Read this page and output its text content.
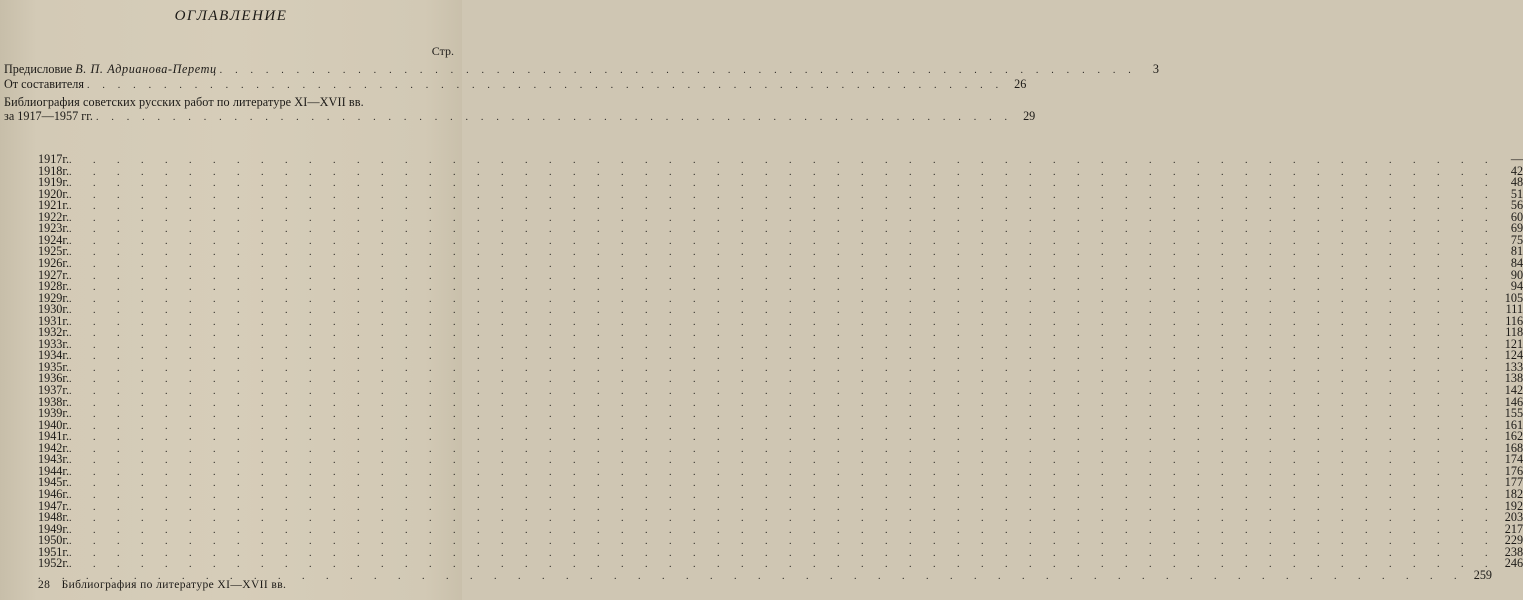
ОГЛАВЛЕНИЕ
Стр.
Предисловие В. П. Адрианова-Перетц . . . . . . . . . . . . . . . . . . . . . . . . . . . . . . . . . . . . . . . . . . . . . . . . . . . . . . . . . . . .	3
От составителя . . . . . . . . . . . . . . . . . . . . . . . . . . . . . . . . . . . . . . . . . . . . . . . . . . . . . . . . . . . . 26
Библиография советских русских работ по литературе XI—XVII вв.
за 1917—1957 гг. . . . . . . . . . . . . . . . . . . . . . . . . . . . . . . . . . . . . . . . . . . . . . . . . . . . . . . . . . . . . 29
1917 г. . . . . . . . . . . . . . . . . . . . . . . . . . . . . . . . . . . . . . . . . . . . . . . . . . . . . . . . . . . . .	—
1918 г. . . . . . . . . . . . . . . . . . . . . . . . . . . . . . . . . . . . . . . . . . . . . . . . . . . . . . . . . . . . .	42
1919 г. . . . . . . . . . . . . . . . . . . . . . . . . . . . . . . . . . . . . . . . . . . . . . . . . . . . . . . . . . . . .	48
1920 г. . . . . . . . . . . . . . . . . . . . . . . . . . . . . . . . . . . . . . . . . . . . . . . . . . . . . . . . . . . . .	51
1921 г. . . . . . . . . . . . . . . . . . . . . . . . . . . . . . . . . . . . . . . . . . . . . . . . . . . . . . . . . . . . .	56
1922 г. . . . . . . . . . . . . . . . . . . . . . . . . . . . . . . . . . . . . . . . . . . . . . . . . . . . . . . . . . . . .	60
1923 г. . . . . . . . . . . . . . . . . . . . . . . . . . . . . . . . . . . . . . . . . . . . . . . . . . . . . . . . . . . . .	69
1924 г. . . . . . . . . . . . . . . . . . . . . . . . . . . . . . . . . . . . . . . . . . . . . . . . . . . . . . . . . . . . .	75
1925 г. . . . . . . . . . . . . . . . . . . . . . . . . . . . . . . . . . . . . . . . . . . . . . . . . . . . . . . . . . . . .	81
1926 г. . . . . . . . . . . . . . . . . . . . . . . . . . . . . . . . . . . . . . . . . . . . . . . . . . . . . . . . . . . . .	84
1927 г. . . . . . . . . . . . . . . . . . . . . . . . . . . . . . . . . . . . . . . . . . . . . . . . . . . . . . . . . . . . .	90
1928 г. . . . . . . . . . . . . . . . . . . . . . . . . . . . . . . . . . . . . . . . . . . . . . . . . . . . . . . . . . . . .	94
1929 г. . . . . . . . . . . . . . . . . . . . . . . . . . . . . . . . . . . . . . . . . . . . . . . . . . . . . . . . . . . . . 105
1930 г. . . . . . . . . . . . . . . . . . . . . . . . . . . . . . . . . . . . . . . . . . . . . . . . . . . . . . . . . . . . . 111
1931 г. . . . . . . . . . . . . . . . . . . . . . . . . . . . . . . . . . . . . . . . . . . . . . . . . . . . . . . . . . . . . 116
1932 г. . . . . . . . . . . . . . . . . . . . . . . . . . . . . . . . . . . . . . . . . . . . . . . . . . . . . . . . . . . . . 118
1933 г. . . . . . . . . . . . . . . . . . . . . . . . . . . . . . . . . . . . . . . . . . . . . . . . . . . . . . . . . . . . . 121
1934 г. . . . . . . . . . . . . . . . . . . . . . . . . . . . . . . . . . . . . . . . . . . . . . . . . . . . . . . . . . . . . 124
1935 г. . . . . . . . . . . . . . . . . . . . . . . . . . . . . . . . . . . . . . . . . . . . . . . . . . . . . . . . . . . . . 133
1936 г. . . . . . . . . . . . . . . . . . . . . . . . . . . . . . . . . . . . . . . . . . . . . . . . . . . . . . . . . . . . . 138
1937 г. . . . . . . . . . . . . . . . . . . . . . . . . . . . . . . . . . . . . . . . . . . . . . . . . . . . . . . . . . . . . 142
1938 г. . . . . . . . . . . . . . . . . . . . . . . . . . . . . . . . . . . . . . . . . . . . . . . . . . . . . . . . . . . . . 146
1939 г. . . . . . . . . . . . . . . . . . . . . . . . . . . . . . . . . . . . . . . . . . . . . . . . . . . . . . . . . . . . . 155
1940 г. . . . . . . . . . . . . . . . . . . . . . . . . . . . . . . . . . . . . . . . . . . . . . . . . . . . . . . . . . . . . 161
1941 г. . . . . . . . . . . . . . . . . . . . . . . . . . . . . . . . . . . . . . . . . . . . . . . . . . . . . . . . . . . . . 162
1942 г. . . . . . . . . . . . . . . . . . . . . . . . . . . . . . . . . . . . . . . . . . . . . . . . . . . . . . . . . . . . . 168
1943 г. . . . . . . . . . . . . . . . . . . . . . . . . . . . . . . . . . . . . . . . . . . . . . . . . . . . . . . . . . . . . 174
1944 г. . . . . . . . . . . . . . . . . . . . . . . . . . . . . . . . . . . . . . . . . . . . . . . . . . . . . . . . . . . . . 176
1945 г. . . . . . . . . . . . . . . . . . . . . . . . . . . . . . . . . . . . . . . . . . . . . . . . . . . . . . . . . . . . . 177
1946 г. . . . . . . . . . . . . . . . . . . . . . . . . . . . . . . . . . . . . . . . . . . . . . . . . . . . . . . . . . . . . 182
1947 г. . . . . . . . . . . . . . . . . . . . . . . . . . . . . . . . . . . . . . . . . . . . . . . . . . . . . . . . . . . . . 192
1948 г. . . . . . . . . . . . . . . . . . . . . . . . . . . . . . . . . . . . . . . . . . . . . . . . . . . . . . . . . . . . . 203
1949 г. . . . . . . . . . . . . . . . . . . . . . . . . . . . . . . . . . . . . . . . . . . . . . . . . . . . . . . . . . . . . 217
1950 г. . . . . . . . . . . . . . . . . . . . . . . . . . . . . . . . . . . . . . . . . . . . . . . . . . . . . . . . . . . . . 229
1951 г. . . . . . . . . . . . . . . . . . . . . . . . . . . . . . . . . . . . . . . . . . . . . . . . . . . . . . . . . . . . . 238
1952 г. . . . . . . . . . . . . . . . . . . . . . . . . . . . . . . . . . . . . . . . . . . . . . . . . . . . . . . . . . . . . 246
. . . . . . . . . . . . . . . . . . . . . . . . . . . . . . . . . . . . . . . . . . . . . . . . . . . . . . . . . . . . 259
28 Библиография по литературе XI—XVII вв.
